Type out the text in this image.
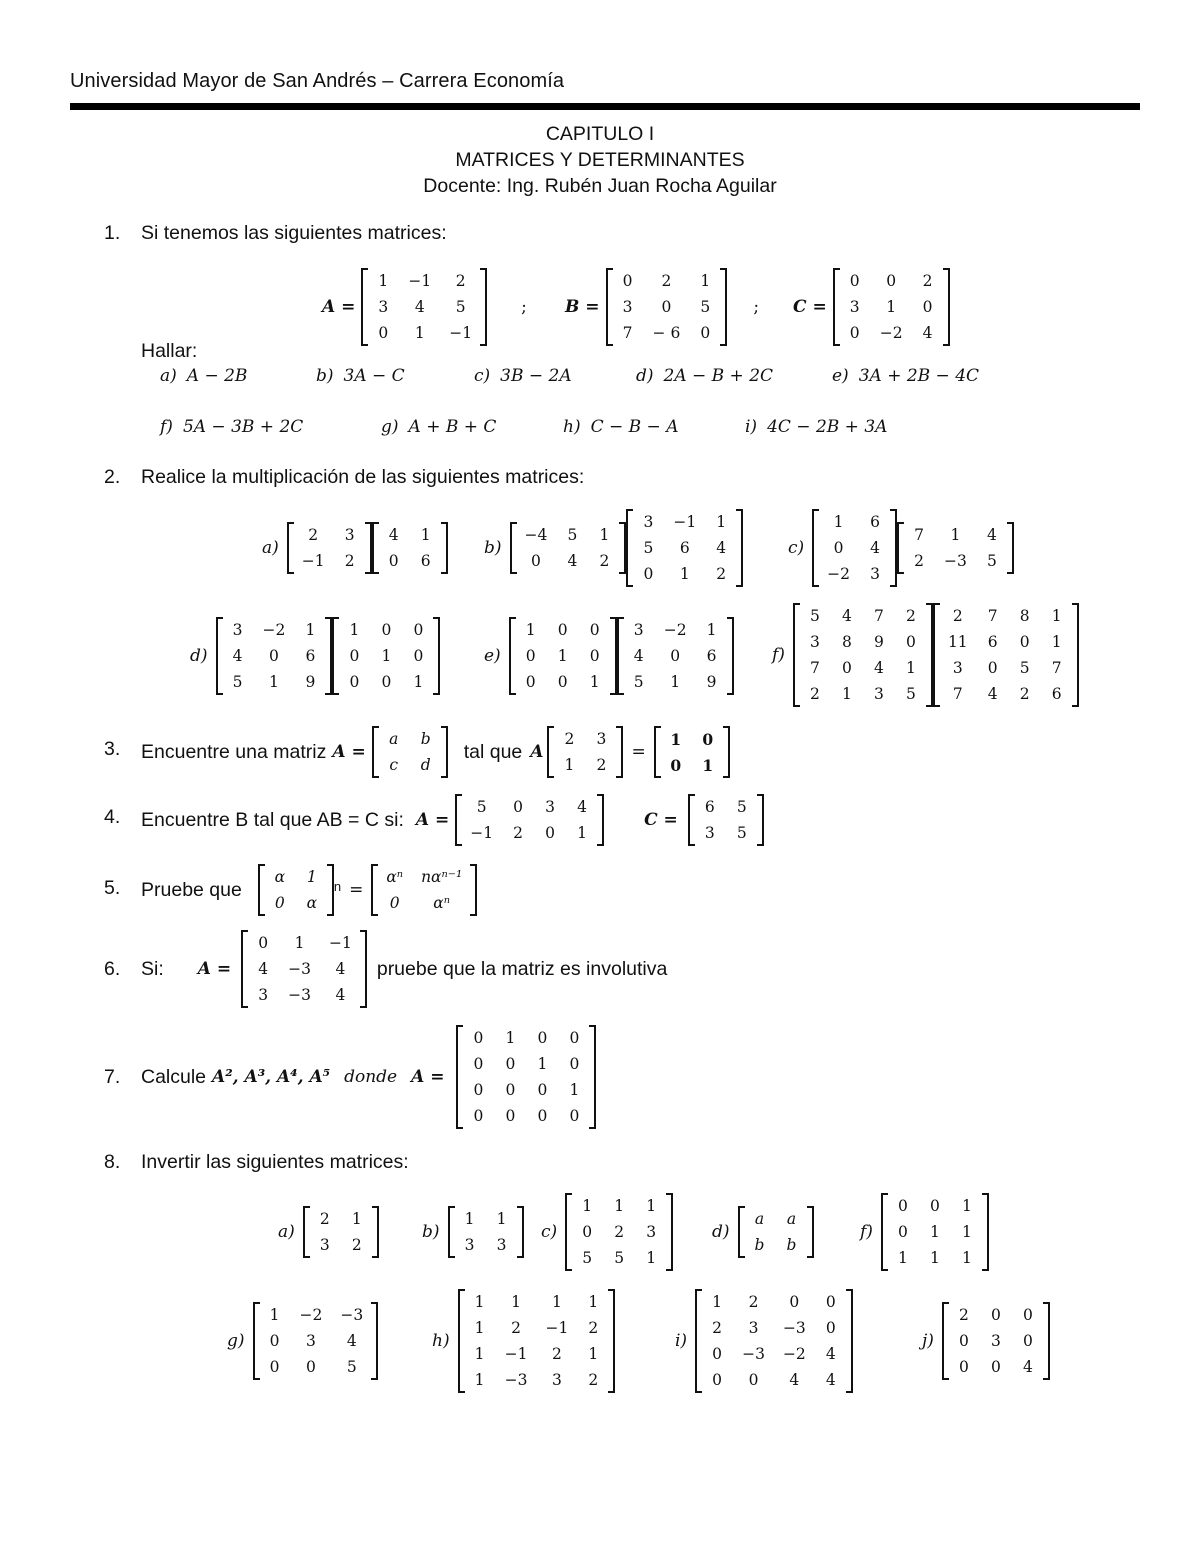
Universidad Mayor de San Andrés – Carrera Economía
CAPITULO I
MATRICES Y DETERMINANTES
Docente: Ing. Rubén Juan Rocha Aguilar
1. Si tenemos las siguientes matrices:
A =
1	−1	2
3	4	5
0	1	−1
; B =
0	2	1
3	0	5
7	− 6	0
; C =
0	0	2
3	1	0
0	−2	4
Hallar:
a) A − 2B	b) 3A − C	c) 3B − 2A	d) 2A − B + 2C	e) 3A + 2B − 4C
f) 5A − 3B + 2C	g) A + B + C	h) C − B − A	i) 4C − 2B + 3A
2. Realice la multiplicación de las siguientes matrices:
a)
2	3
−1	2
4	1
0	6
b)
−4	5	1
0	4	2
3	−1	1
5	6	4
0	1	2
c)
1	6
0	4
−2	3
7	1	4
2	−3	5
d)
3	−2	1
4	0	6
5	1	9
1	0	0
0	1	0
0	0	1
e)
1	0	0
0	1	0
0	0	1
3	−2	1
4	0	6
5	1	9
f)
5	4	7	2
3	8	9	0
7	0	4	1
2	1	3	5
2	7	8	1
11	6	0	1
3	0	5	7
7	4	2	6
3. Encuentre una matriz A =
a	b
c	d
tal que A
2	3
1	2
=
1	0
0	1
4. Encuentre B tal que AB = C si: A =
5	0	3	4
−1	2	0	1
C =
6	5
3	5
5. Pruebe que
α	1
0	α
$^n$ =
αⁿ	nαⁿ⁻¹
0	αⁿ
6. Si: A =
0	1	−1
4	−3	4
3	−3	4
pruebe que la matriz es involutiva
7. Calcule A², A³, A⁴, A⁵ donde A =
0	1	0	0
0	0	1	0
0	0	0	1
0	0	0	0
8. Invertir las siguientes matrices:
a)
2	1
3	2
b)
1	1
3	3
c)
1	1	1
0	2	3
5	5	1
d)
a	a
b	b
f)
0	0	1
0	1	1
1	1	1
g)
1	−2	−3
0	3	4
0	0	5
h)
1	1	1	1
1	2	−1	2
1	−1	2	1
1	−3	3	2
i)
1	2	0	0
2	3	−3	0
0	−3	−2	4
0	0	4	4
j)
2	0	0
0	3	0
0	0	4
